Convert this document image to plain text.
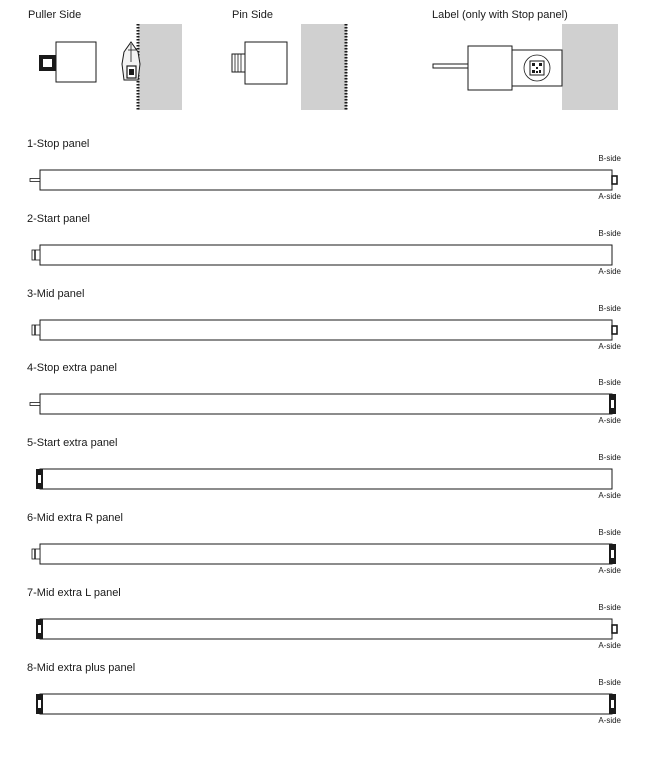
Puller Side	Pin Side	Label (only with Stop panel)
1-Stop panel
B-side
A-side
2-Start panel
B-side
A-side
3-Mid panel
B-side
A-side
4-Stop extra panel
B-side
A-side
5-Start extra panel
B-side
A-side
6-Mid extra R panel
B-side
A-side
7-Mid extra L panel
B-side
A-side
8-Mid extra plus panel
B-side
A-side
